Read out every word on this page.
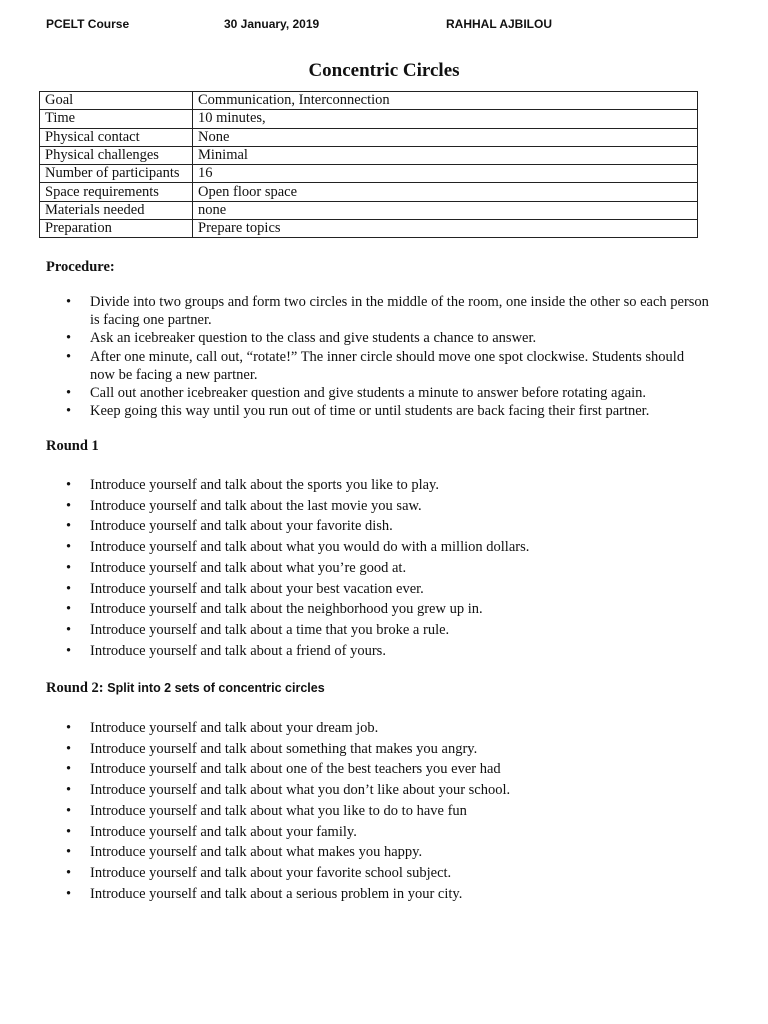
PCELT Course	30 January, 2019	RAHHAL AJBILOU
Concentric Circles
Goal	Communication, Interconnection
Time	10 minutes,
Physical contact	None
Physical challenges	Minimal
Number of participants	16
Space requirements	Open floor space
Materials needed	none
Preparation	Prepare topics
Procedure:
• Divide into two groups and form two circles in the middle of the room, one inside the other so each person is facing one partner.
• Ask an icebreaker question to the class and give students a chance to answer.
• After one minute, call out, “rotate!” The inner circle should move one spot clockwise. Students should now be facing a new partner.
• Call out another icebreaker question and give students a minute to answer before rotating again.
• Keep going this way until you run out of time or until students are back facing their first partner.
Round 1
• Introduce yourself and talk about the sports you like to play.
• Introduce yourself and talk about the last movie you saw.
• Introduce yourself and talk about your favorite dish.
• Introduce yourself and talk about what you would do with a million dollars.
• Introduce yourself and talk about what you’re good at.
• Introduce yourself and talk about your best vacation ever.
• Introduce yourself and talk about the neighborhood you grew up in.
• Introduce yourself and talk about a time that you broke a rule.
• Introduce yourself and talk about a friend of yours.
Round 2: Split into 2 sets of concentric circles
• Introduce yourself and talk about your dream job.
• Introduce yourself and talk about something that makes you angry.
• Introduce yourself and talk about one of the best teachers you ever had
• Introduce yourself and talk about what you don’t like about your school.
• Introduce yourself and talk about what you like to do to have fun
• Introduce yourself and talk about your family.
• Introduce yourself and talk about what makes you happy.
• Introduce yourself and talk about your favorite school subject.
• Introduce yourself and talk about a serious problem in your city.
